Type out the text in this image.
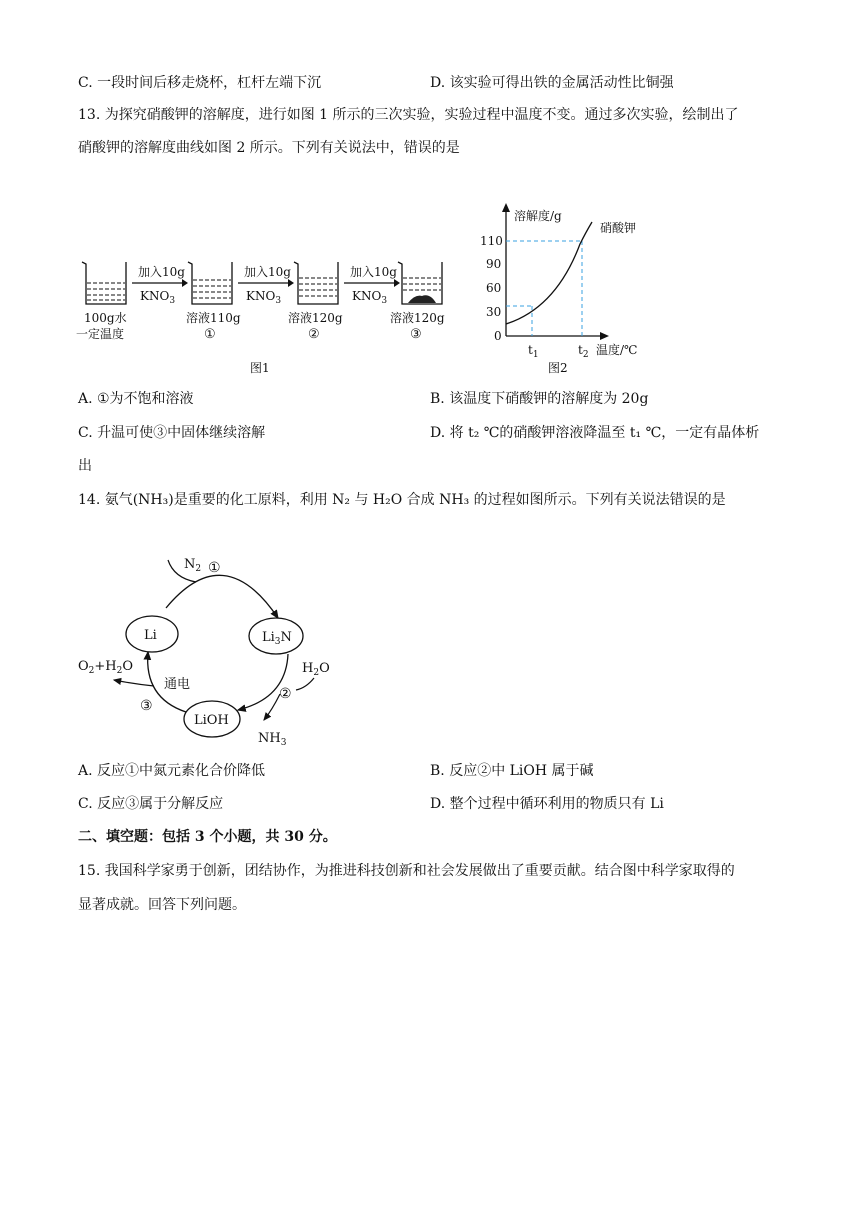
C. 一段时间后移走烧杯，杠杆左端下沉	D. 该实验可得出铁的金属活动性比铜强
13. 为探究硝酸钾的溶解度，进行如图 1 所示的三次实验，实验过程中温度不变。通过多次实验，绘制出了
硝酸钾的溶解度曲线如图 2 所示。下列有关说法中，错误的是
100g水
一定温度
加入10g
$KNO_3$
溶液110g
①
加入10g
$KNO_3$
溶液120g
②
加入10g
$KNO_3$
溶液120g
③
图1
溶解度/g
110
90
60
30
0
硝酸钾
$t_1$	$t_2$ 温度/℃
图2
A. ①为不饱和溶液	B. 该温度下硝酸钾的溶解度为 20g
C. 升温可使③中固体继续溶解	D. 将 t₂ ℃的硝酸钾溶液降温至 t₁ ℃，一定有晶体析
出
14. 氨气(NH₃)是重要的化工原料，利用 N₂ 与 H₂O 合成 NH₃ 的过程如图所示。下列有关说法错误的是
$N_2$ ①
Li	$Li_3N$
LiOH
$H_2O$
②
$NH_3$
$O_2+H_2O$
通电
③
A. 反应①中氮元素化合价降低	B. 反应②中 LiOH 属于碱
C. 反应③属于分解反应	D. 整个过程中循环利用的物质只有 Li
二、填空题：包括 3 个小题，共 30 分。
15. 我国科学家勇于创新，团结协作，为推进科技创新和社会发展做出了重要贡献。结合图中科学家取得的
显著成就。回答下列问题。
